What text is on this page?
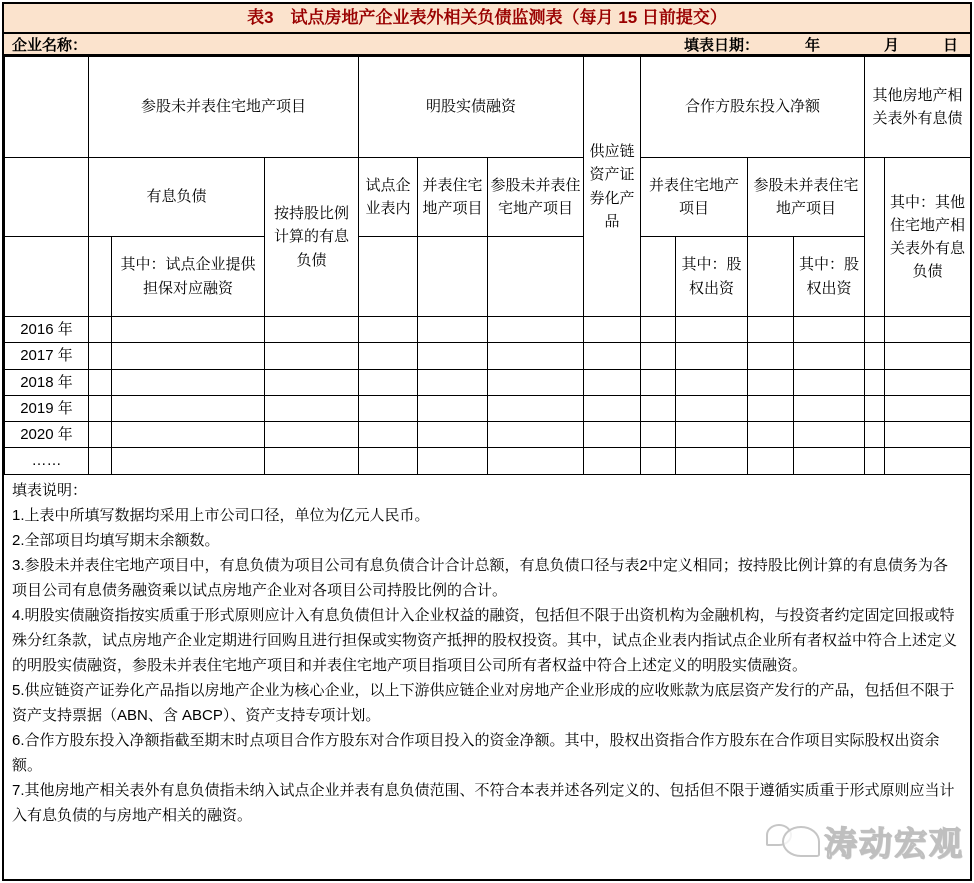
表3　试点房地产企业表外相关负债监测表（每月 15 日前提交）
企业名称：	填表日期：	年	月	日
	参股未并表住宅地产项目			明股实债融资			供应链资产证券化产品	合作方股东投入净额				其他房地产相关表外有息债	
	有息负债		按持股比例计算的有息负债	试点企业表内	并表住宅地产项目	参股未并表住宅地产项目		并表住宅地产项目		参股未并表住宅地产项目			其中：其他住宅地产相关表外有息负债
		其中：试点企业提供担保对应融资							其中：股权出资		其中：股权出资		
2016 年													
2017 年													
2018 年													
2019 年													
2020 年													
……													

填表说明：

1.上表中所填写数据均采用上市公司口径，单位为亿元人民币。

2.全部项目均填写期末余额数。

3.参股未并表住宅地产项目中，有息负债为项目公司有息负债合计合计总额，有息负债口径与表2中定义相同；按持股比例计算的有息债务为各项目公司有息债务融资乘以试点房地产企业对各项目公司持股比例的合计。

4.明股实债融资指按实质重于形式原则应计入有息负债但计入企业权益的融资，包括但不限于出资机构为金融机构，与投资者约定固定回报或特殊分红条款，试点房地产企业定期进行回购且进行担保或实物资产抵押的股权投资。其中，试点企业表内指试点企业所有者权益中符合上述定义的明股实债融资，参股未并表住宅地产项目和并表住宅地产项目指项目公司所有者权益中符合上述定义的明股实债融资。

5.供应链资产证券化产品指以房地产企业为核心企业，以上下游供应链企业对房地产企业形成的应收账款为底层资产发行的产品，包括但不限于资产支持票据（ABN、含 ABCP）、资产支持专项计划。

6.合作方股东投入净额指截至期末时点项目合作方股东对合作项目投入的资金净额。其中，股权出资指合作方股东在合作项目实际股权出资余额。

7.其他房地产相关表外有息负债指未纳入试点企业并表有息负债范围、不符合本表并述各列定义的、包括但不限于遵循实质重于形式原则应当计入有息负债的与房地产相关的融资。

涛动宏观
